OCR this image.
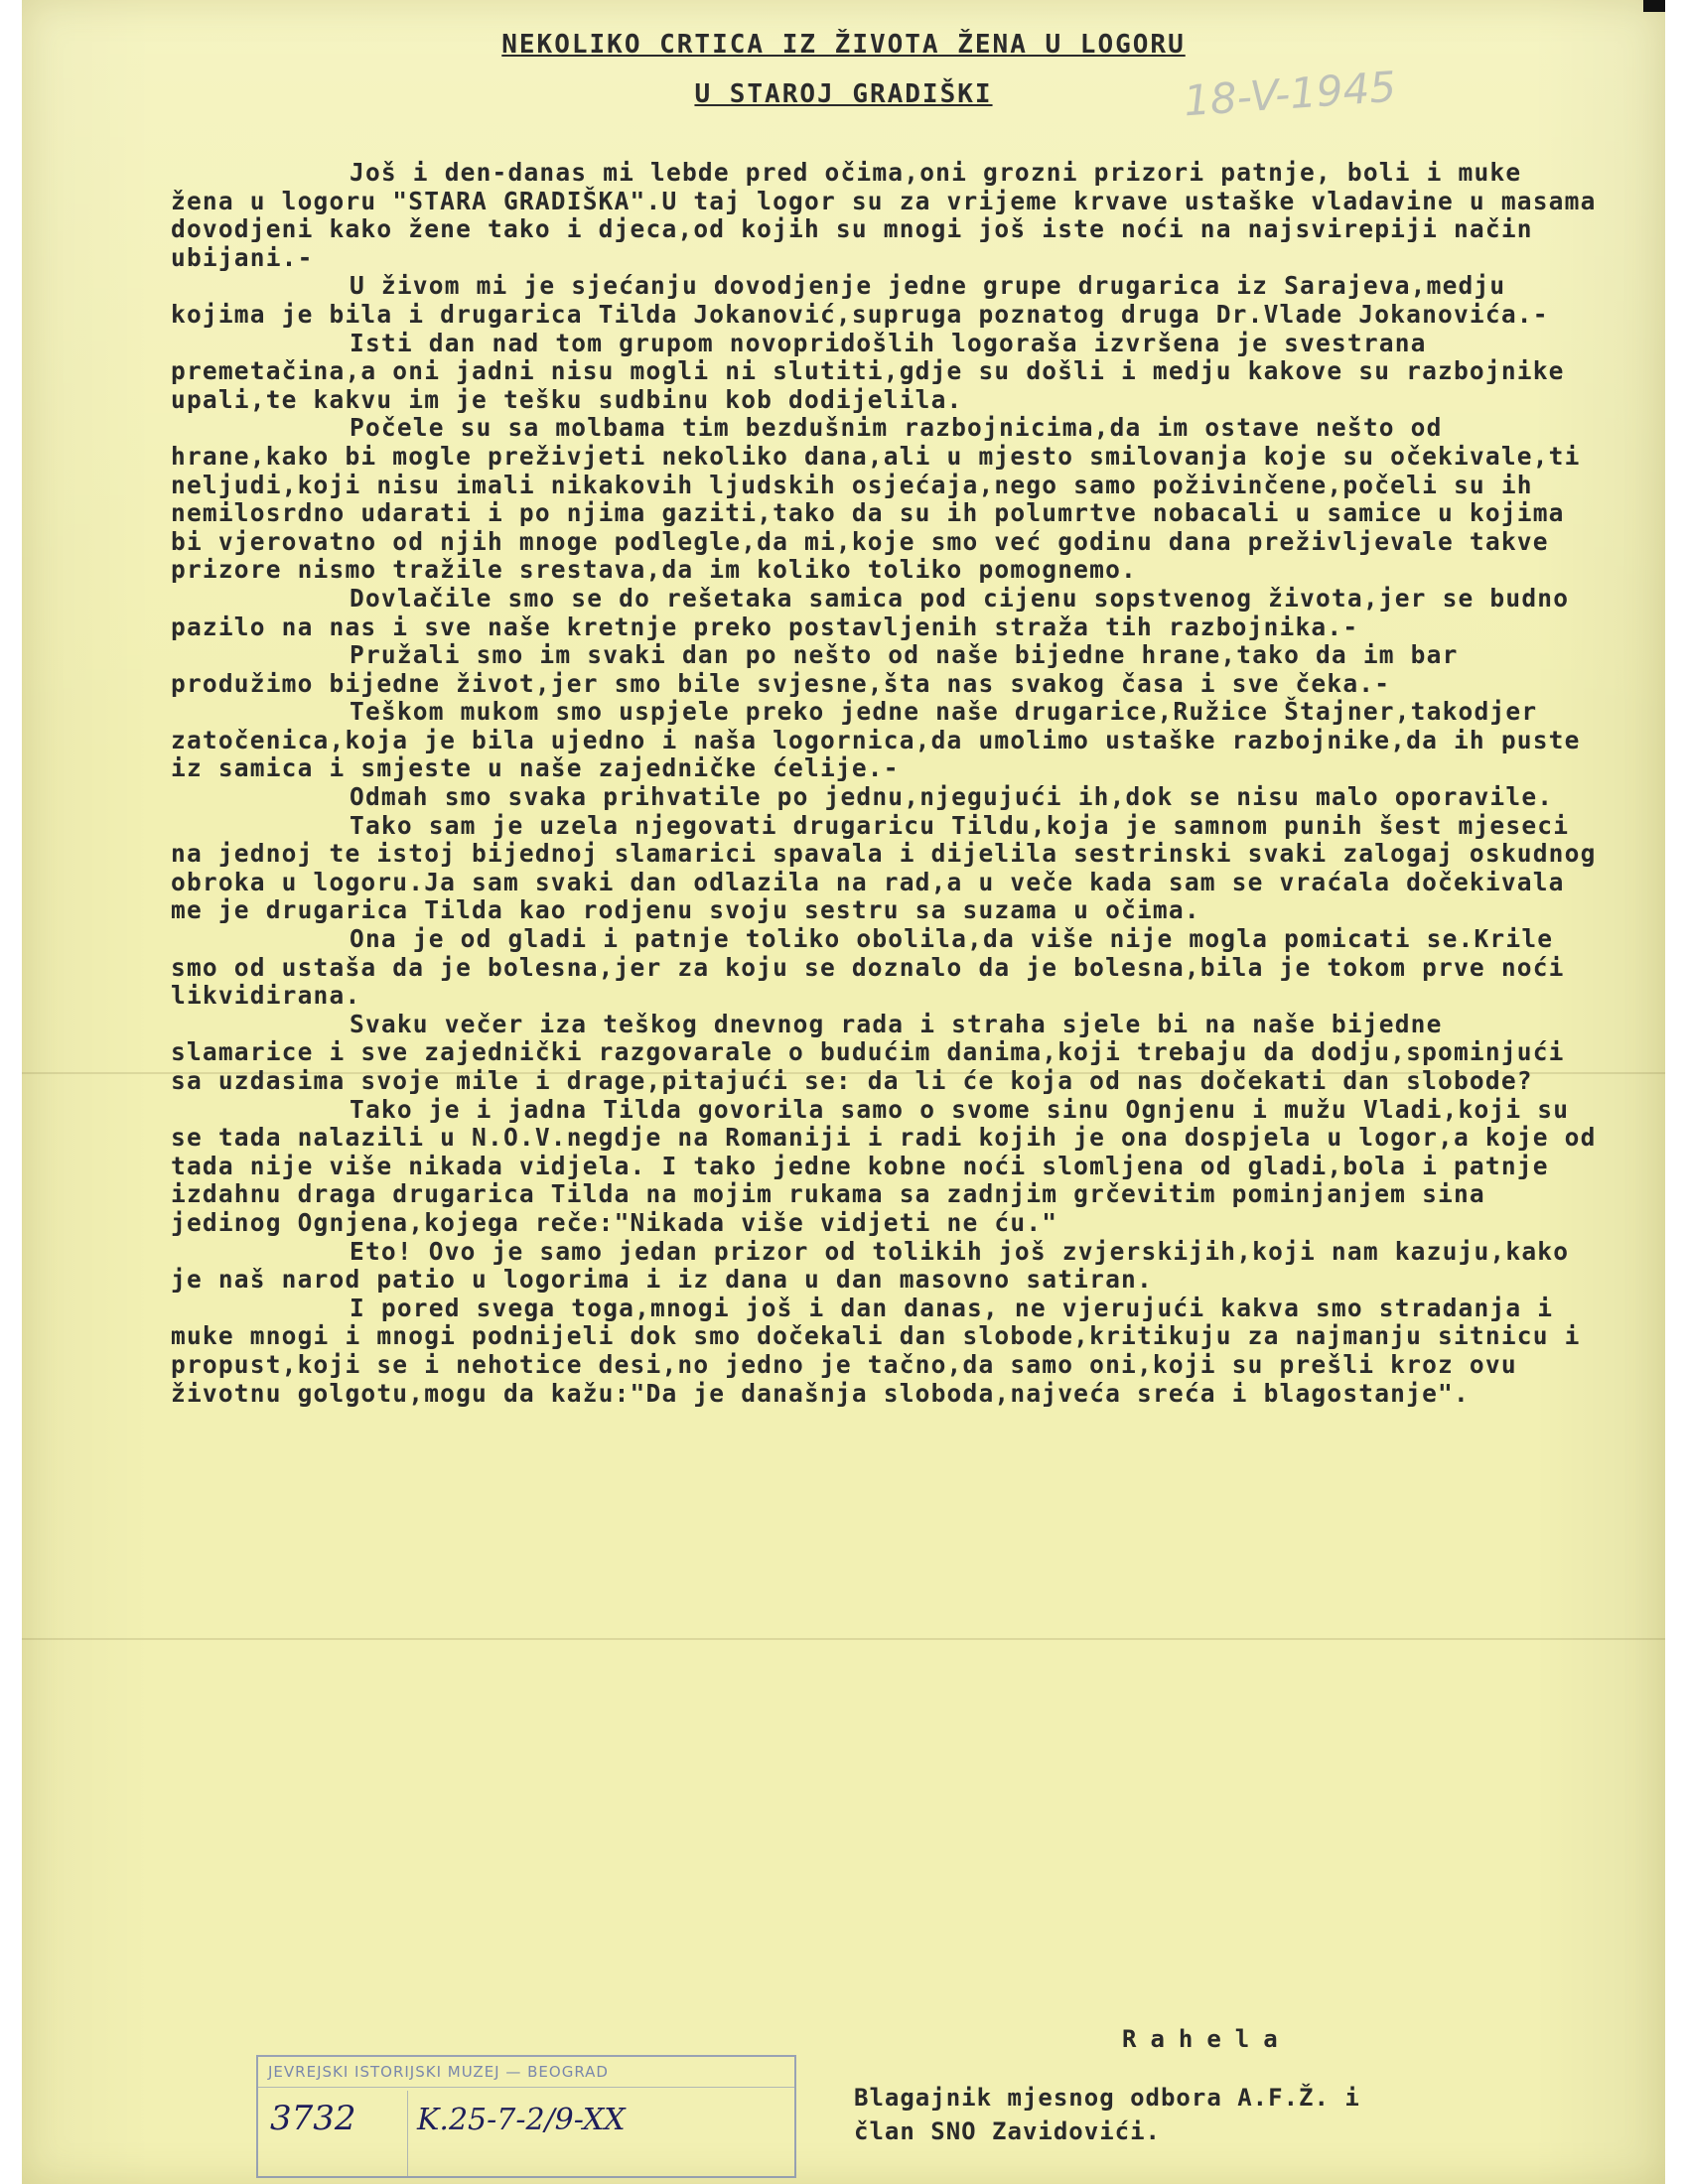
18-V-1945
NEKOLIKO CRTICA IZ ŽIVOTA ŽENA U LOGORU
U STAROJ GRADIŠKI

Još i den-danas mi lebde pred očima,oni grozni prizori patnje, boli i muke žena u logoru "STARA GRADIŠKA".U taj logor su za vrijeme krvave ustaške vladavine u masama dovodjeni kako žene tako i djeca,od kojih su mnogi još iste noći na najsvirepiji način ubijani.-

U živom mi je sjećanju dovodjenje jedne grupe drugarica iz Sarajeva,medju kojima je bila i drugarica Tilda Jokanović,supruga poznatog druga Dr.Vlade Jokanovića.-

Isti dan nad tom grupom novopridošlih logoraša izvršena je svestrana premetačina,a oni jadni nisu mogli ni slutiti,gdje su došli i medju kakove su razbojnike upali,te kakvu im je tešku sudbinu kob dodijelila.

Počele su sa molbama tim bezdušnim razbojnicima,da im ostave nešto od hrane,kako bi mogle preživjeti nekoliko dana,ali u mjesto smilovanja koje su očekivale,ti neljudi,koji nisu imali nikakovih ljudskih osjećaja,nego samo poživinčene,počeli su ih nemilosrdno udarati i po njima gaziti,tako da su ih polumrtve nobacali u samice u kojima bi vjerovatno od njih mnoge podlegle,da mi,koje smo već godinu dana preživljevale takve prizore nismo tražile srestava,da im koliko toliko pomognemo.

Dovlačile smo se do rešetaka samica pod cijenu sopstvenog života,jer se budno pazilo na nas i sve naše kretnje preko postavljenih straža tih razbojnika.-

Pružali smo im svaki dan po nešto od naše bijedne hrane,tako da im bar produžimo bijedne život,jer smo bile svjesne,šta nas svakog časa i sve čeka.-

Teškom mukom smo uspjele preko jedne naše drugarice,Ružice Štajner,takodjer zatočenica,koja je bila ujedno i naša logornica,da umolimo ustaške razbojnike,da ih puste iz samica i smjeste u naše zajedničke ćelije.-

Odmah smo svaka prihvatile po jednu,njegujući ih,dok se nisu malo oporavile.

Tako sam je uzela njegovati drugaricu Tildu,koja je samnom punih šest mjeseci na jednoj te istoj bijednoj slamarici spavala i dijelila sestrinski svaki zalogaj oskudnog obroka u logoru.Ja sam svaki dan odlazila na rad,a u veče kada sam se vraćala dočekivala me je drugarica Tilda kao rodjenu svoju sestru sa suzama u očima.

Ona je od gladi i patnje toliko obolila,da više nije mogla pomicati se.Krile smo od ustaša da je bolesna,jer za koju se doznalo da je bolesna,bila je tokom prve noći likvidirana.

Svaku večer iza teškog dnevnog rada i straha sjele bi na naše bijedne slamarice i sve zajednički razgovarale o budućim danima,koji trebaju da dodju,spominjući sa uzdasima svoje mile i drage,pitajući se: da li će koja od nas dočekati dan slobode?

Tako je i jadna Tilda govorila samo o svome sinu Ognjenu i mužu Vladi,koji su se tada nalazili u N.O.V.negdje na Romaniji i radi kojih je ona dospjela u logor,a koje od tada nije više nikada vidjela. I tako jedne kobne noći slomljena od gladi,bola i patnje izdahnu draga drugarica Tilda na mojim rukama sa zadnjim grčevitim pominjanjem sina jedinog Ognjena,kojega reče:"Nikada više vidjeti ne ću."

Eto! Ovo je samo jedan prizor od tolikih još zvjerskijih,koji nam kazuju,kako je naš narod patio u logorima i iz dana u dan masovno satiran.

I pored svega toga,mnogi još i dan danas, ne vjerujući kakva smo stradanja i muke mnogi i mnogi podnijeli dok smo dočekali dan slobode,kritikuju za najmanju sitnicu i propust,koji se i nehotice desi,no jedno je tačno,da samo oni,koji su prešli kroz ovu životnu golgotu,mogu da kažu:"Da je današnja sloboda,najveća sreća i blagostanje".

Rahela
Blagajnik mjesnog odbora A.F.Ž. i
član SNO Zavidovići.
JEVREJSKI ISTORIJSKI MUZEJ — BEOGRAD
3732 K.25-7-2/9-XX
